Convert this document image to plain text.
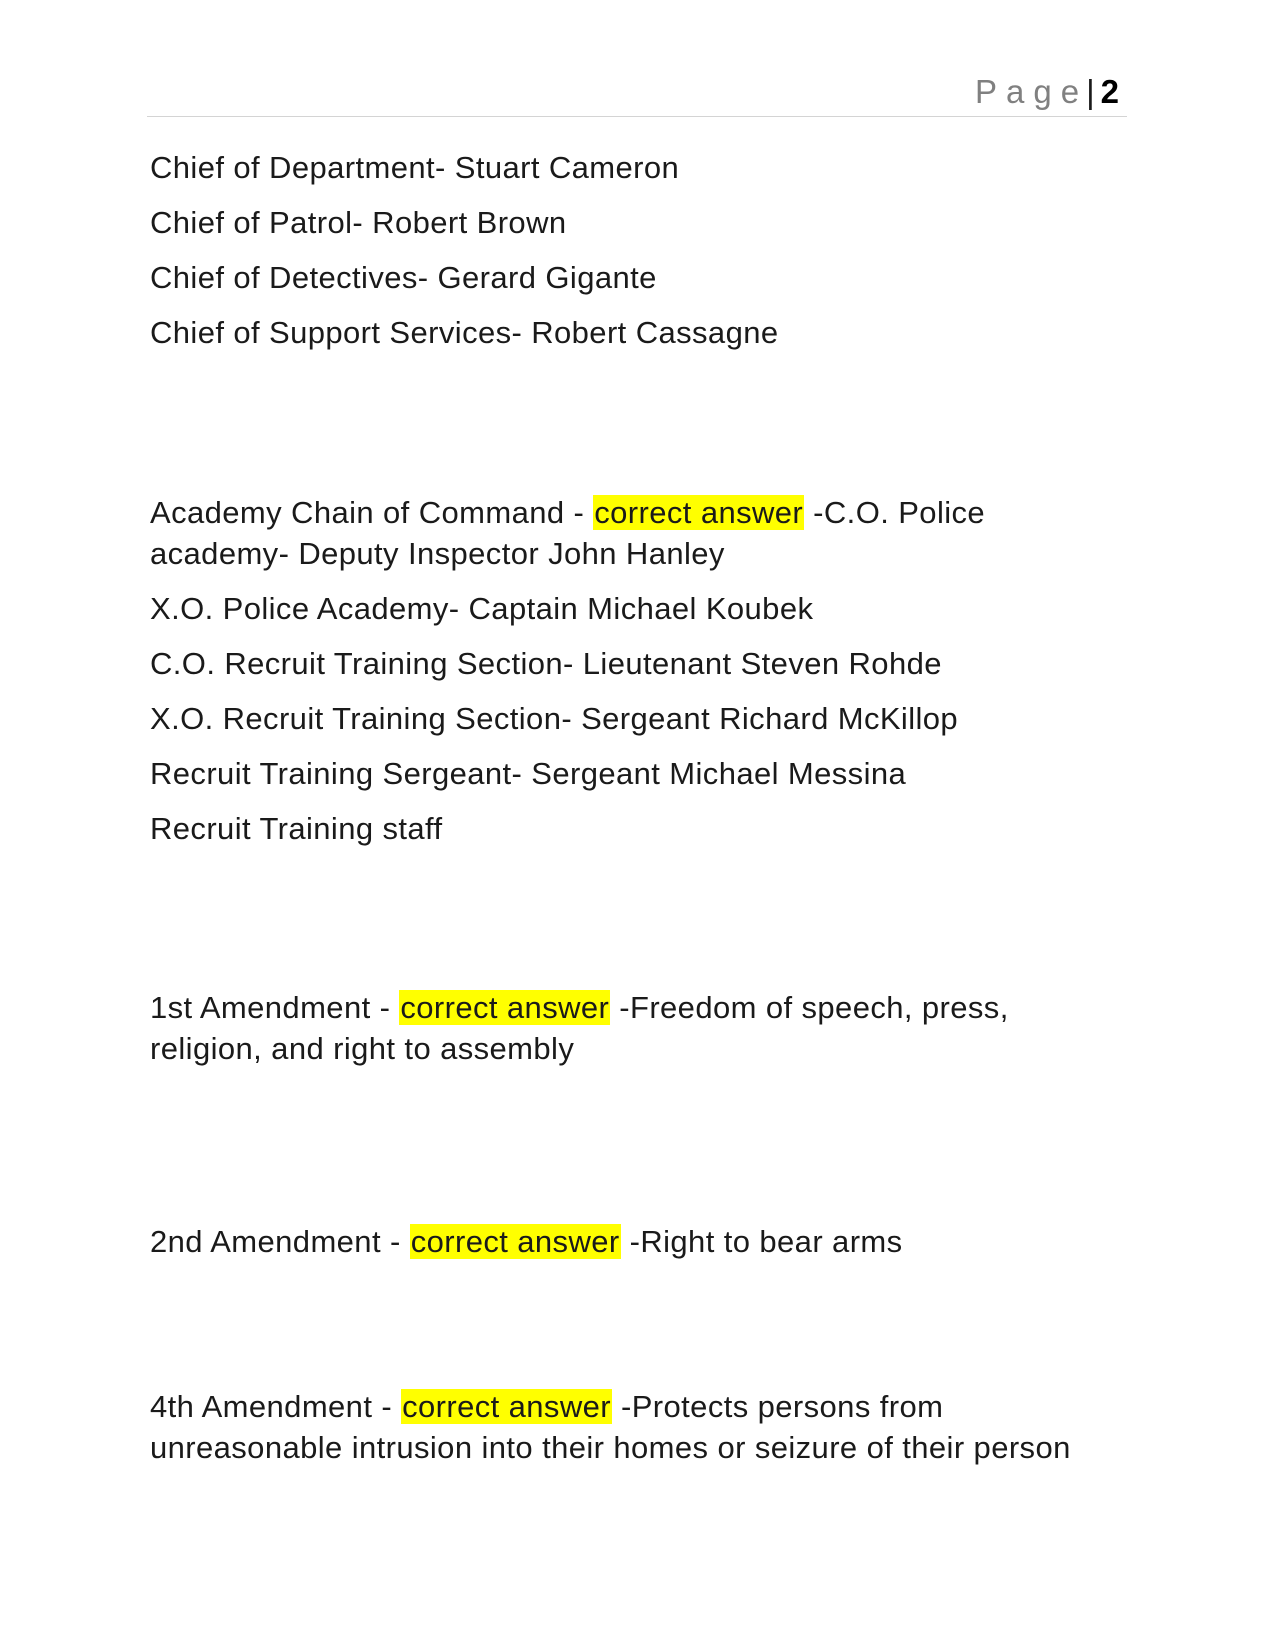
Page| 2
Chief of Department- Stuart Cameron
Chief of Patrol- Robert Brown
Chief of Detectives- Gerard Gigante
Chief of Support Services- Robert Cassagne
Academy Chain of Command - correct answer -C.O. Police
academy- Deputy Inspector John Hanley
X.O. Police Academy- Captain Michael Koubek
C.O. Recruit Training Section- Lieutenant Steven Rohde
X.O. Recruit Training Section- Sergeant Richard McKillop
Recruit Training Sergeant- Sergeant Michael Messina
Recruit Training staff
1st Amendment - correct answer -Freedom of speech, press,
religion, and right to assembly
2nd Amendment - correct answer -Right to bear arms
4th Amendment - correct answer -Protects persons from
unreasonable intrusion into their homes or seizure of their person
